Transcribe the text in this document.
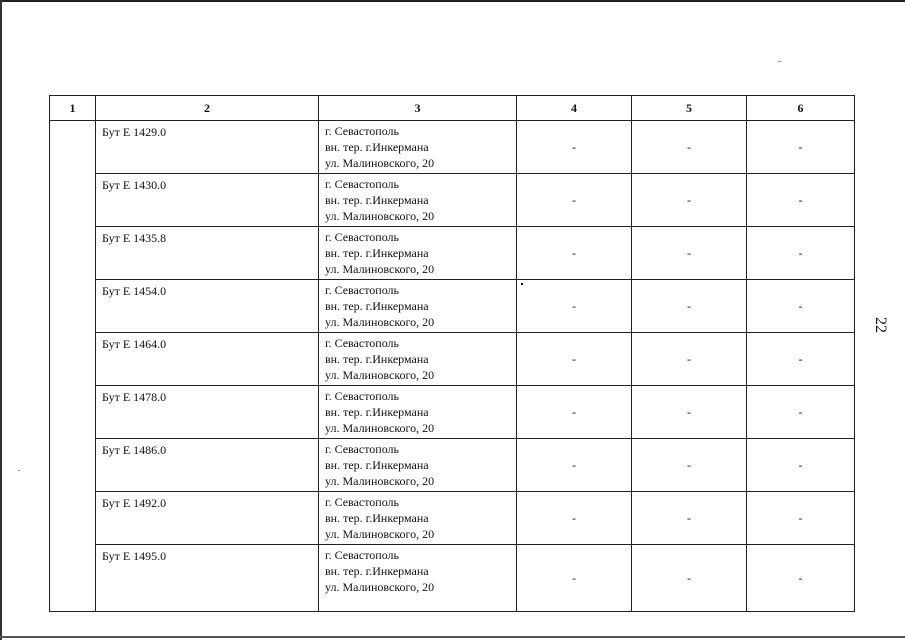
1	2	3	4	5	6
	Бут Е 1429.0	г. Севастополь
вн. тер. г.Инкермана
ул. Малиновского, 20	-	-	-
	Бут Е 1430.0	г. Севастополь
вн. тер. г.Инкермана
ул. Малиновского, 20	-	-	-
	Бут Е 1435.8	г. Севастополь
вн. тер. г.Инкермана
ул. Малиновского, 20	-	-	-
	Бут Е 1454.0	г. Севастополь
вн. тер. г.Инкермана
ул. Малиновского, 20	-	-	-
	Бут Е 1464.0	г. Севастополь
вн. тер. г.Инкермана
ул. Малиновского, 20	-	-	-
	Бут Е 1478.0	г. Севастополь
вн. тер. г.Инкермана
ул. Малиновского, 20	-	-	-
	Бут Е 1486.0	г. Севастополь
вн. тер. г.Инкермана
ул. Малиновского, 20	-	-	-
	Бут Е 1492.0	г. Севастополь
вн. тер. г.Инкермана
ул. Малиновского, 20	-	-	-
	Бут Е 1495.0	г. Севастополь
вн. тер. г.Инкермана
ул. Малиновского, 20	-	-	-
22
